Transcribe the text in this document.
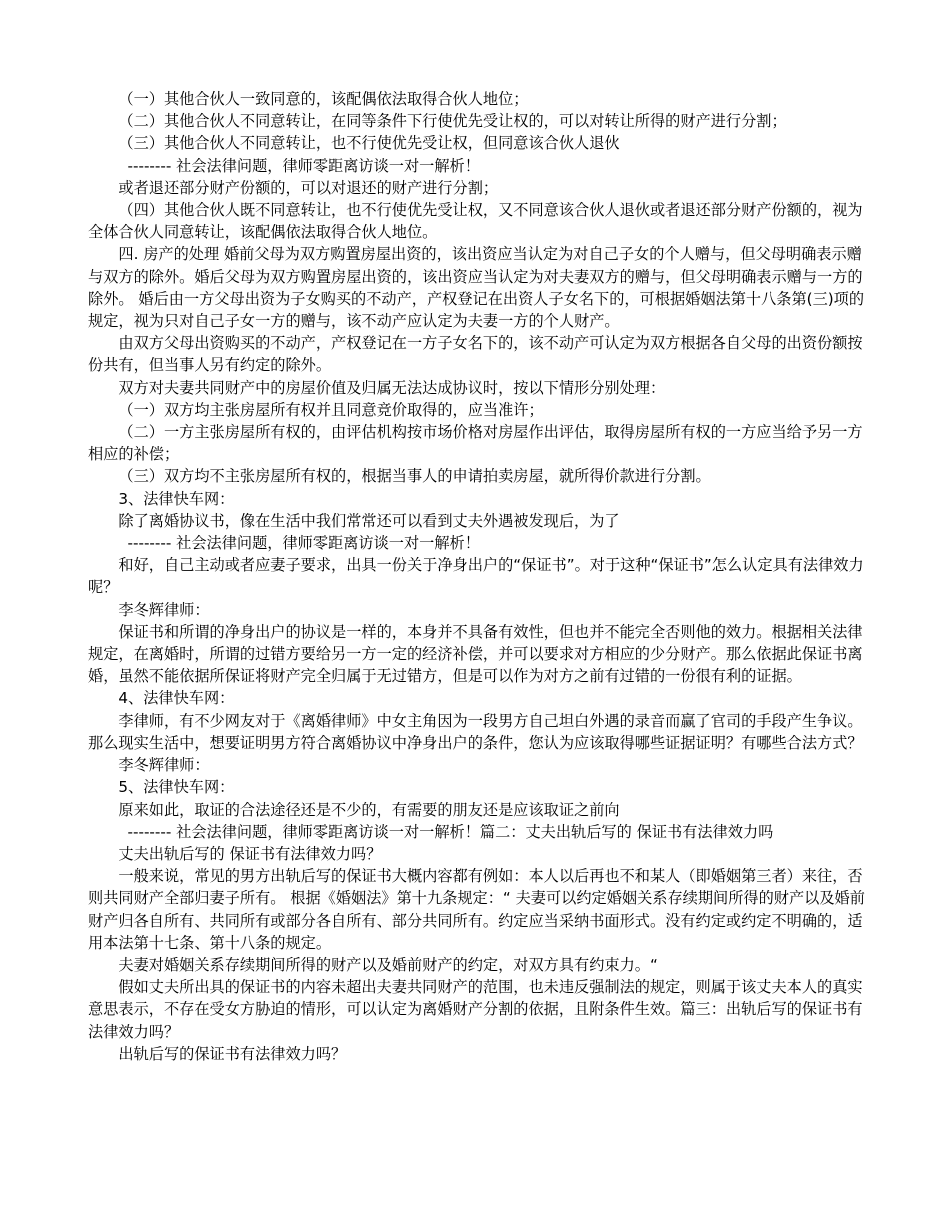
（一）其他合伙人一致同意的，该配偶依法取得合伙人地位；

（二）其他合伙人不同意转让，在同等条件下行使优先受让权的，可以对转让所得的财产进行分割；

（三）其他合伙人不同意转让，也不行使优先受让权，但同意该合伙人退伙

-------- 社会法律问题，律师零距离访谈一对一解析！

或者退还部分财产份额的，可以对退还的财产进行分割；

（四）其他合伙人既不同意转让，也不行使优先受让权，又不同意该合伙人退伙或者退还部分财产份额的，视为全体合伙人同意转让，该配偶依法取得合伙人地位。

四. 房产的处理 婚前父母为双方购置房屋出资的，该出资应当认定为对自己子女的个人赠与，但父母明确表示赠与双方的除外。婚后父母为双方购置房屋出资的，该出资应当认定为对夫妻双方的赠与，但父母明确表示赠与一方的除外。 婚后由一方父母出资为子女购买的不动产，产权登记在出资人子女名下的，可根据婚姻法第十八条第(三)项的规定，视为只对自己子女一方的赠与，该不动产应认定为夫妻一方的个人财产。

由双方父母出资购买的不动产，产权登记在一方子女名下的，该不动产可认定为双方根据各自父母的出资份额按份共有，但当事人另有约定的除外。

双方对夫妻共同财产中的房屋价值及归属无法达成协议时，按以下情形分别处理：

（一）双方均主张房屋所有权并且同意竞价取得的，应当准许；

（二）一方主张房屋所有权的，由评估机构按市场价格对房屋作出评估，取得房屋所有权的一方应当给予另一方相应的补偿；

（三）双方均不主张房屋所有权的，根据当事人的申请拍卖房屋，就所得价款进行分割。

3、法律快车网：

除了离婚协议书，像在生活中我们常常还可以看到丈夫外遇被发现后，为了

-------- 社会法律问题，律师零距离访谈一对一解析！

和好，自己主动或者应妻子要求，出具一份关于净身出户的“保证书”。对于这种“保证书”怎么认定具有法律效力呢？

李冬辉律师：

保证书和所谓的净身出户的协议是一样的，本身并不具备有效性，但也并不能完全否则他的效力。根据相关法律规定，在离婚时，所谓的过错方要给另一方一定的经济补偿，并可以要求对方相应的少分财产。那么依据此保证书离婚，虽然不能依据所保证将财产完全归属于无过错方，但是可以作为对方之前有过错的一份很有利的证据。

4、法律快车网：

李律师，有不少网友对于《离婚律师》中女主角因为一段男方自己坦白外遇的录音而赢了官司的手段产生争议。那么现实生活中，想要证明男方符合离婚协议中净身出户的条件，您认为应该取得哪些证据证明？有哪些合法方式？

李冬辉律师：

5、法律快车网：

原来如此，取证的合法途径还是不少的，有需要的朋友还是应该取证之前向

-------- 社会法律问题，律师零距离访谈一对一解析！篇二：丈夫出轨后写的 保证书有法律效力吗

丈夫出轨后写的 保证书有法律效力吗？

一般来说，常见的男方出轨后写的保证书大概内容都有例如：本人以后再也不和某人（即婚姻第三者）来往，否则共同财产全部归妻子所有。 根据《婚姻法》第十九条规定：“ 夫妻可以约定婚姻关系存续期间所得的财产以及婚前财产归各自所有、共同所有或部分各自所有、部分共同所有。约定应当采纳书面形式。没有约定或约定不明确的，适用本法第十七条、第十八条的规定。

夫妻对婚姻关系存续期间所得的财产以及婚前财产的约定，对双方具有约束力。“

假如丈夫所出具的保证书的内容未超出夫妻共同财产的范围，也未违反强制法的规定，则属于该丈夫本人的真实意思表示，不存在受女方胁迫的情形，可以认定为离婚财产分割的依据，且附条件生效。篇三：出轨后写的保证书有法律效力吗？

出轨后写的保证书有法律效力吗？
